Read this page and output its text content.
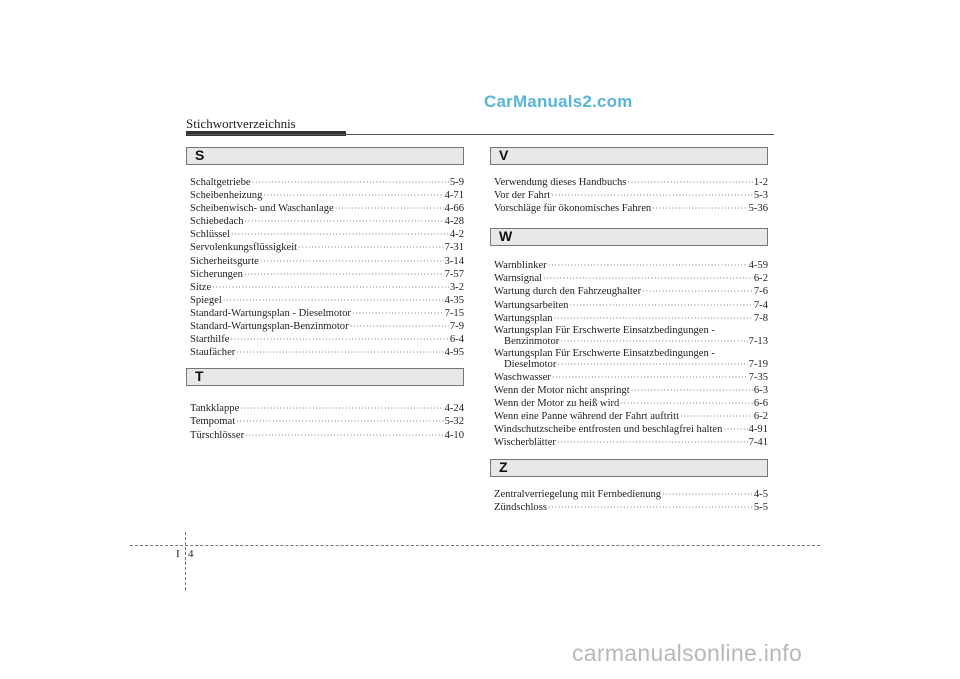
CarManuals2.com
Stichwortverzeichnis
S
Schaltgetriebe ·····	5-9
Scheibenheizung ·····	4-71
Scheibenwisch- und Waschanlage ·····	4-66
Schiebedach ·····	4-28
Schlüssel ·····	4-2
Servolenkungsflüssigkeit ·····	7-31
Sicherheitsgurte ·····	3-14
Sicherungen ·····	7-57
Sitze ·····	3-2
Spiegel ·····	4-35
Standard-Wartungsplan - Dieselmotor ·····	7-15
Standard-Wartungsplan-Benzinmotor ·····	7-9
Starthilfe ·····	6-4
Staufächer ·····	4-95
T
Tankklappe ·····	4-24
Tempomat ·····	5-32
Türschlösser ·····	4-10
V
Verwendung dieses Handbuchs ·····	1-2
Vor der Fahrt ·····	5-3
Vorschläge für ökonomisches Fahren ·····	5-36
W
Warnblinker ·····	4-59
Warnsignal ·····	6-2
Wartung durch den Fahrzeughalter ·····	7-6
Wartungsarbeiten ·····	7-4
Wartungsplan ·····	7-8
Wartungsplan Für Erschwerte Einsatzbedingungen -
Benzinmotor ·····	7-13
Wartungsplan Für Erschwerte Einsatzbedingungen -
Dieselmotor ·····	7-19
Waschwasser ·····	7-35
Wenn der Motor nicht anspringt ·····	6-3
Wenn der Motor zu heiß wird ·····	6-6
Wenn eine Panne während der Fahrt auftritt ·····	6-2
Windschutzscheibe entfrosten und beschlagfrei halten ····· 4-91
Wischerblätter ·····	7-41
Z
Zentralverriegelung mit Fernbedienung ·····	4-5
Zündschloss ·····	5-5
I 4
carmanualsonline.info
